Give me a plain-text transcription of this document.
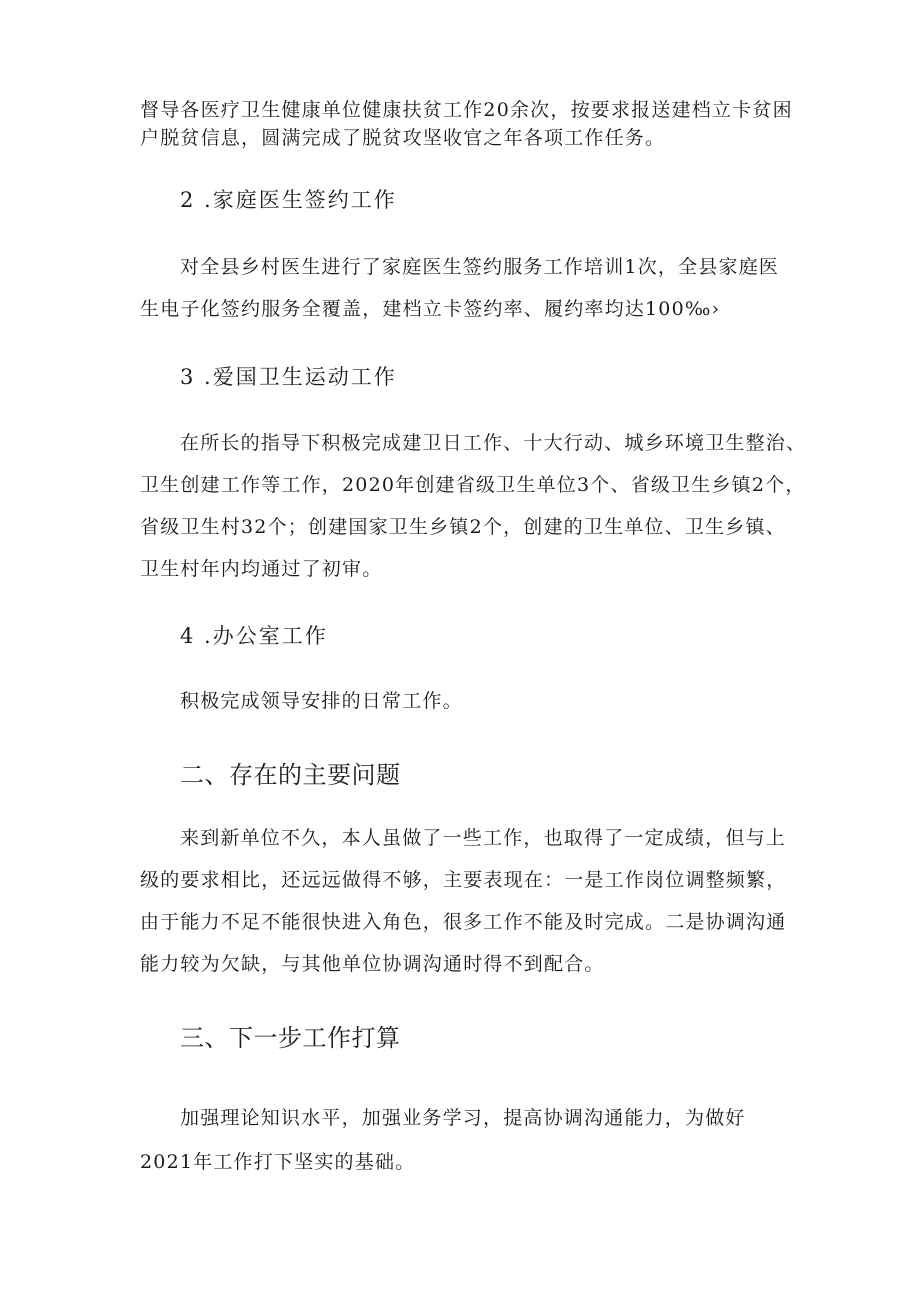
督导各医疗卫生健康单位健康扶贫工作20余次，按要求报送建档立卡贫困
户脱贫信息，圆满完成了脱贫攻坚收官之年各项工作任务。
2 .家庭医生签约工作
对全县乡村医生进行了家庭医生签约服务工作培训1次，全县家庭医
生电子化签约服务全覆盖，建档立卡签约率、履约率均达100‰›
3 .爱国卫生运动工作
在所长的指导下积极完成建卫日工作、十大行动、城乡环境卫生整治、
卫生创建工作等工作，2020年创建省级卫生单位3个、省级卫生乡镇2个，
省级卫生村32个；创建国家卫生乡镇2个，创建的卫生单位、卫生乡镇、
卫生村年内均通过了初审。
4 .办公室工作
积极完成领导安排的日常工作。
二、存在的主要问题
来到新单位不久，本人虽做了一些工作，也取得了一定成绩，但与上
级的要求相比，还远远做得不够，主要表现在：一是工作岗位调整频繁，
由于能力不足不能很快进入角色，很多工作不能及时完成。二是协调沟通
能力较为欠缺，与其他单位协调沟通时得不到配合。
三、下一步工作打算
加强理论知识水平，加强业务学习，提高协调沟通能力，为做好
2021年工作打下坚实的基础。
